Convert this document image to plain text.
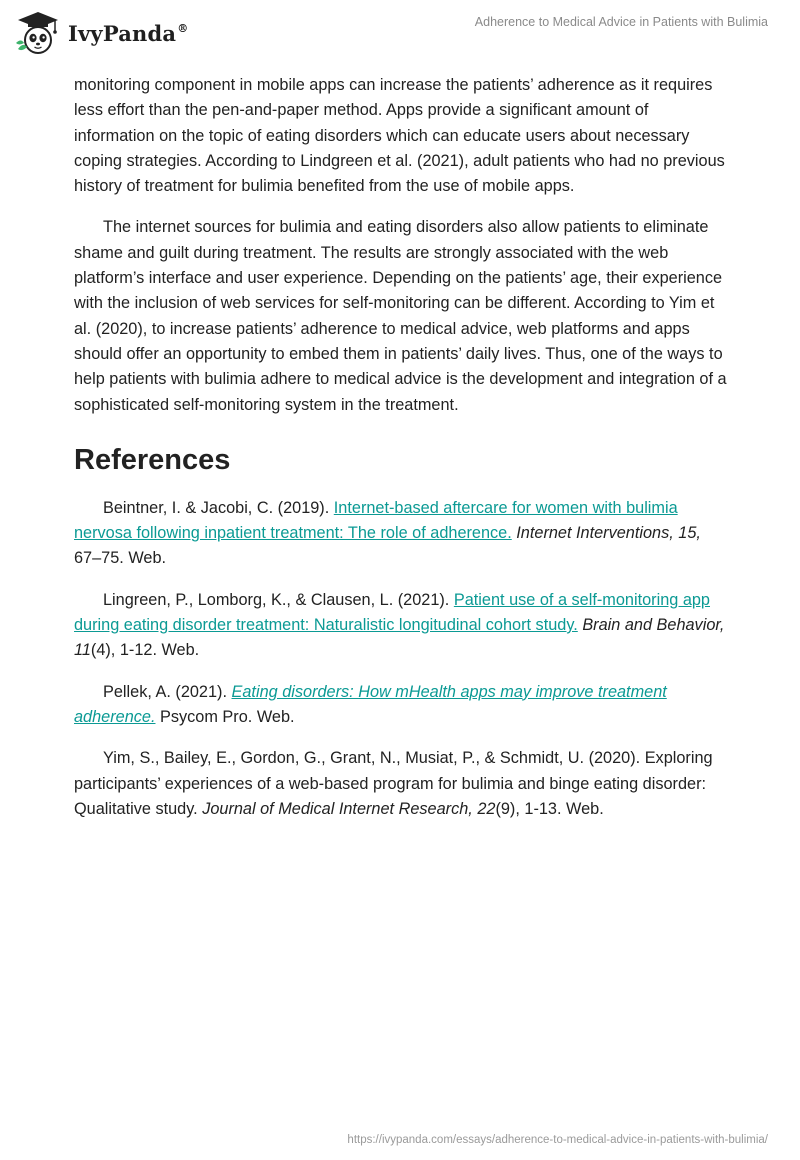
IvyPanda®	Adherence to Medical Advice in Patients with Bulimia

monitoring component in mobile apps can increase the patients’ adherence as it requires less effort than the pen-and-paper method. Apps provide a significant amount of information on the topic of eating disorders which can educate users about necessary coping strategies. According to Lindgreen et al. (2021), adult patients who had no previous history of treatment for bulimia benefited from the use of mobile apps.

The internet sources for bulimia and eating disorders also allow patients to eliminate shame and guilt during treatment. The results are strongly associated with the web platform’s interface and user experience. Depending on the patients’ age, their experience with the inclusion of web services for self-monitoring can be different. According to Yim et al. (2020), to increase patients’ adherence to medical advice, web platforms and apps should offer an opportunity to embed them in patients’ daily lives. Thus, one of the ways to help patients with bulimia adhere to medical advice is the development and integration of a sophisticated self-monitoring system in the treatment.

References

Beintner, I. & Jacobi, C. (2019). Internet-based aftercare for women with bulimia nervosa following inpatient treatment: The role of adherence. Internet Interventions, 15, 67–75. Web.

Lingreen, P., Lomborg, K., & Clausen, L. (2021). Patient use of a self-monitoring app during eating disorder treatment: Naturalistic longitudinal cohort study. Brain and Behavior, 11(4), 1-12. Web.

Pellek, A. (2021). Eating disorders: How mHealth apps may improve treatment adherence. Psycom Pro. Web.

Yim, S., Bailey, E., Gordon, G., Grant, N., Musiat, P., & Schmidt, U. (2020). Exploring participants’ experiences of a web-based program for bulimia and binge eating disorder: Qualitative study. Journal of Medical Internet Research, 22(9), 1-13. Web.

https://ivypanda.com/essays/adherence-to-medical-advice-in-patients-with-bulimia/
